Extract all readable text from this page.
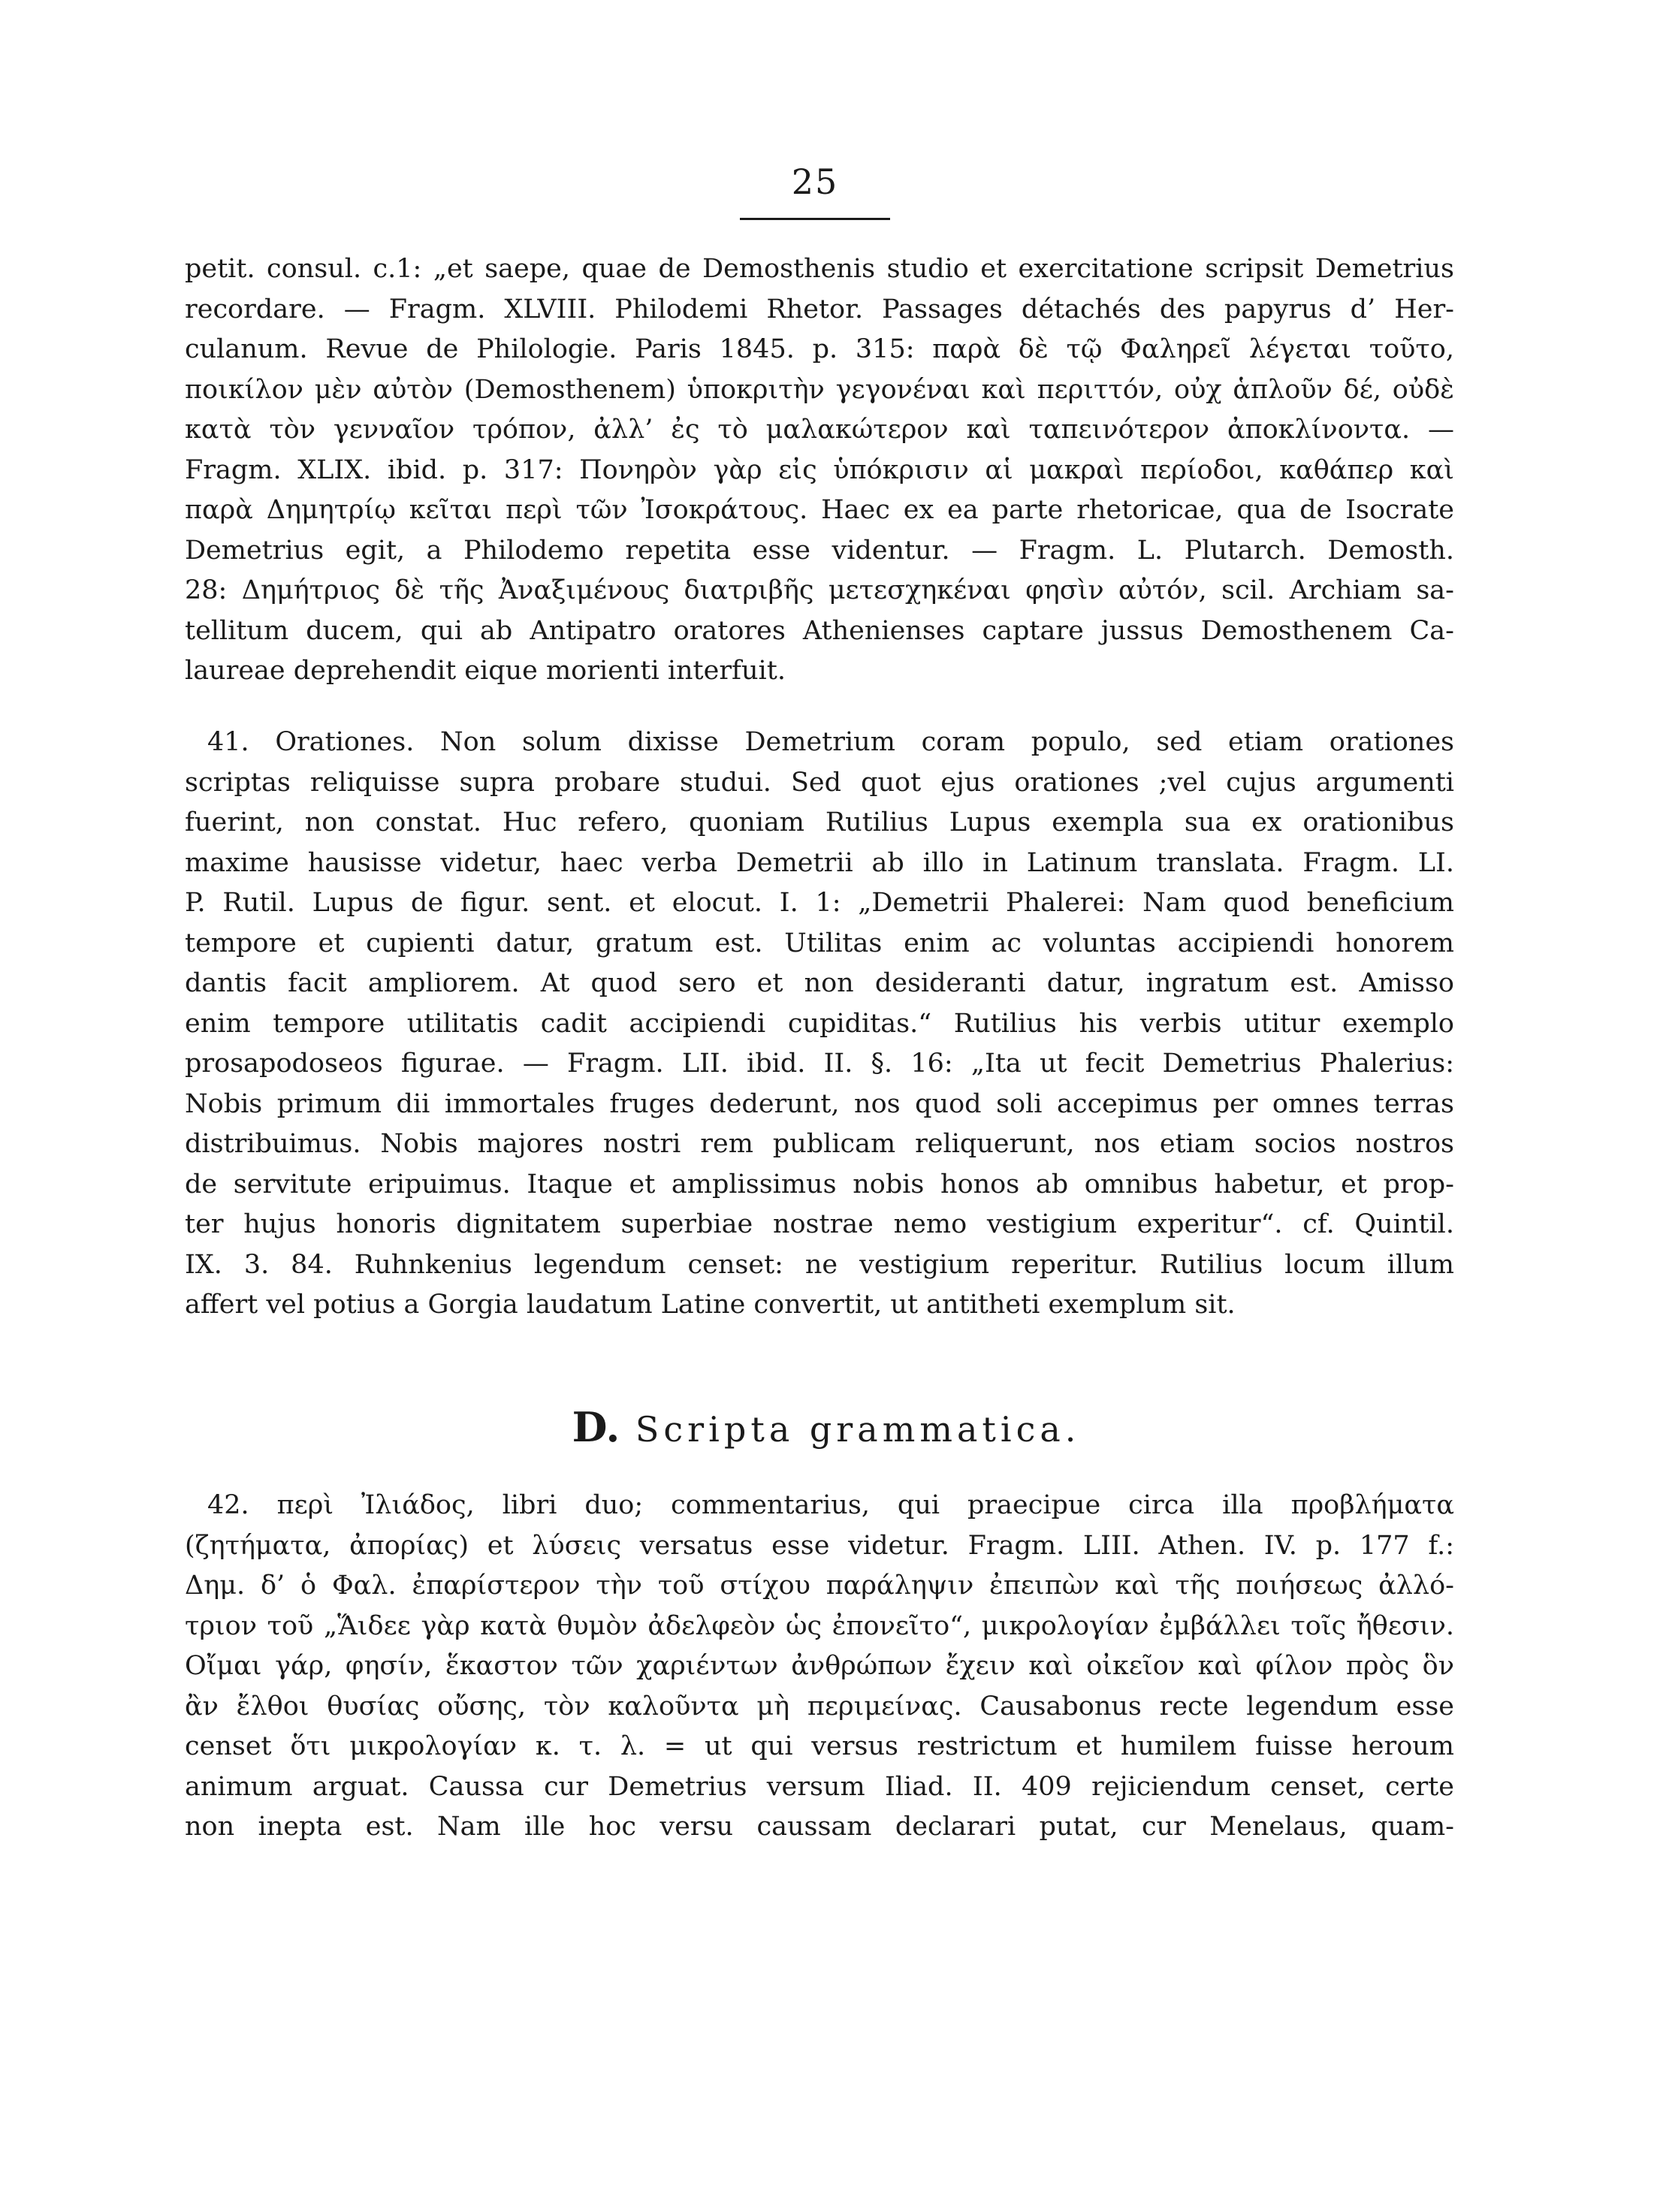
25
petit. consul. c.1: „et saepe, quae de Demosthenis studio et exercitatione scripsit Demetrius
recordare. — Fragm. XLVIII. Philodemi Rhetor. Passages détachés des papyrus d’ Her-
culanum. Revue de Philologie. Paris 1845. p. 315: παρὰ δὲ τῷ Φαληρεῖ λέγεται τοῦτο,
ποικίλον μὲν αὐτὸν (Demosthenem) ὑποκριτὴν γεγονέναι καὶ περιττόν, οὐχ ἁπλοῦν δέ, οὐδὲ
κατὰ τὸν γενναῖον τρόπον, ἀλλ’ ἐς τὸ μαλακώτερον καὶ ταπεινότερον ἀποκλίνοντα. —
Fragm. XLIX. ibid. p. 317: Πονηρὸν γὰρ εἰς ὑπόκρισιν αἱ μακραὶ περίοδοι, καθάπερ καὶ
παρὰ Δημητρίῳ κεῖται περὶ τῶν Ἰσοκράτους. Haec ex ea parte rhetoricae, qua de Isocrate
Demetrius egit, a Philodemo repetita esse videntur. — Fragm. L. Plutarch. Demosth.
28: Δημήτριος δὲ τῆς Ἀναξιμένους διατριβῆς μετεσχηκέναι φησὶν αὐτόν, scil. Archiam sa-
tellitum ducem, qui ab Antipatro oratores Athenienses captare jussus Demosthenem Ca-
laureae deprehendit eique morienti interfuit.
41. Orationes. Non solum dixisse Demetrium coram populo, sed etiam orationes
scriptas reliquisse supra probare studui. Sed quot ejus orationes ;vel cujus argumenti
fuerint, non constat. Huc refero, quoniam Rutilius Lupus exempla sua ex orationibus
maxime hausisse videtur, haec verba Demetrii ab illo in Latinum translata. Fragm. LI.
P. Rutil. Lupus de figur. sent. et elocut. I. 1: „Demetrii Phalerei: Nam quod beneficium
tempore et cupienti datur, gratum est. Utilitas enim ac voluntas accipiendi honorem
dantis facit ampliorem. At quod sero et non desideranti datur, ingratum est. Amisso
enim tempore utilitatis cadit accipiendi cupiditas.“ Rutilius his verbis utitur exemplo
prosapodoseos figurae. — Fragm. LII. ibid. II. §. 16: „Ita ut fecit Demetrius Phalerius:
Nobis primum dii immortales fruges dederunt, nos quod soli accepimus per omnes terras
distribuimus. Nobis majores nostri rem publicam reliquerunt, nos etiam socios nostros
de servitute eripuimus. Itaque et amplissimus nobis honos ab omnibus habetur, et prop-
ter hujus honoris dignitatem superbiae nostrae nemo vestigium experitur“. cf. Quintil.
IX. 3. 84. Ruhnkenius legendum censet: ne vestigium reperitur. Rutilius locum illum
affert vel potius a Gorgia laudatum Latine convertit, ut antitheti exemplum sit.
D. Scripta grammatica.
42. περὶ Ἰλιάδος, libri duo; commentarius, qui praecipue circa illa προβλήματα
(ζητήματα, ἀπορίας) et λύσεις versatus esse videtur. Fragm. LIII. Athen. IV. p. 177 f.:
Δημ. δ’ ὁ Φαλ. ἐπαρίστερον τὴν τοῦ στίχου παράληψιν ἐπειπὼν καὶ τῆς ποιήσεως ἀλλό-
τριον τοῦ „Ἅιδεε γὰρ κατὰ θυμὸν ἀδελφεὸν ὡς ἐπονεῖτο“, μικρολογίαν ἐμβάλλει τοῖς ἤθεσιν.
Οἴμαι γάρ, φησίν, ἕκαστον τῶν χαριέντων ἀνθρώπων ἔχειν καὶ οἰκεῖον καὶ φίλον πρὸς ὃν
ἂν ἔλθοι θυσίας οὔσης, τὸν καλοῦντα μὴ περιμείνας. Causabonus recte legendum esse
censet ὅτι μικρολογίαν κ. τ. λ. = ut qui versus restrictum et humilem fuisse heroum
animum arguat. Caussa cur Demetrius versum Iliad. II. 409 rejiciendum censet, certe
non inepta est. Nam ille hoc versu caussam declarari putat, cur Menelaus, quam-
